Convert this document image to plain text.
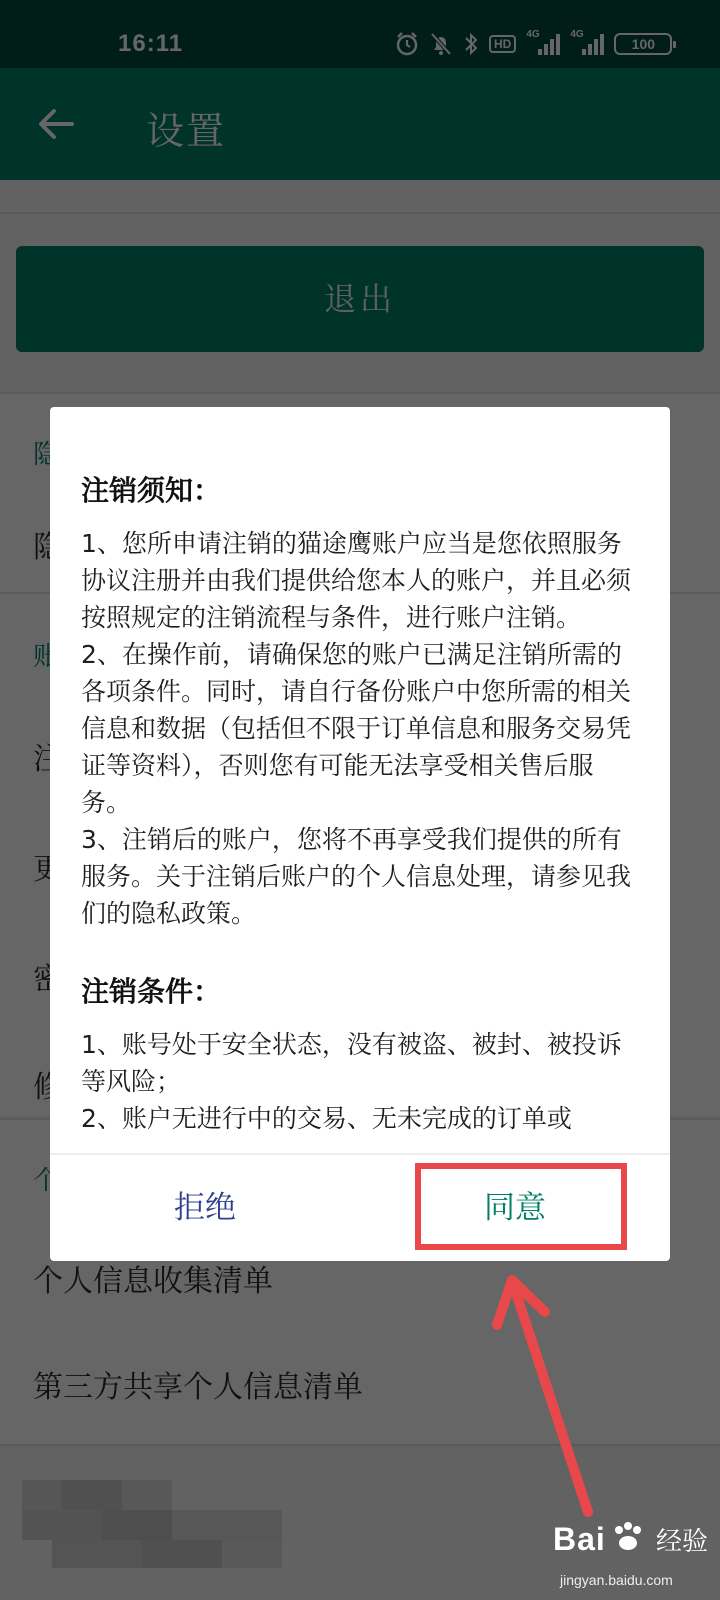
注销须知：

1、您所申请注销的猫途鹰账户应当是您依照服务协议注册并由我们提供给您本人的账户，并且必须按照规定的注销流程与条件，进行账户注销。

2、在操作前，请确保您的账户已满足注销所需的各项条件。同时，请自行备份账户中您所需的相关信息和数据（包括但不限于订单信息和服务交易凭证等资料），否则您有可能无法享受相关售后服务。

3、注销后的账户，您将不再享受我们提供的所有服务。关于注销后账户的个人信息处理，请参见我们的隐私政策。

注销条件：

1、账号处于安全状态，没有被盗、被封、被投诉等风险；

2、账户无进行中的交易、无未完成的订单或

拒绝	同意
Bai 经验
jingyan.baidu.com
